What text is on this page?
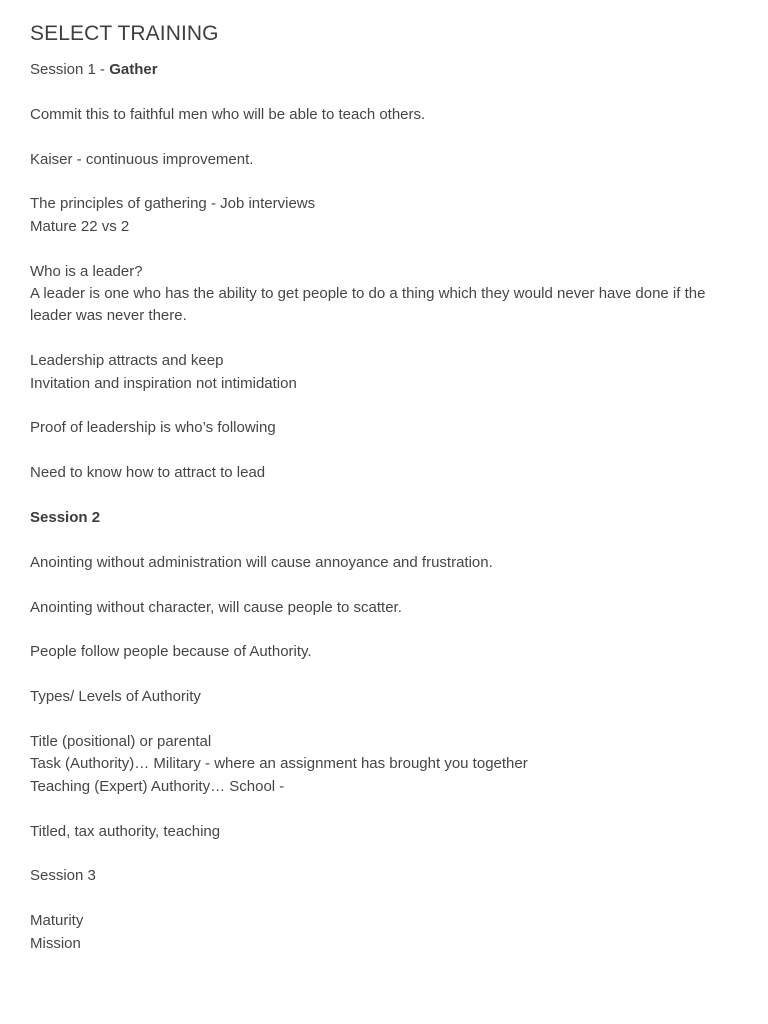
SELECT TRAINING
Session 1 - Gather
Commit this to faithful men who will be able to teach others.
Kaiser - continuous improvement.
The principles of gathering - Job interviews
Mature 22 vs 2
Who is a leader?
A leader is one who has the ability to get people to do a thing which they would never have done if the leader was never there.
Leadership attracts and keep
Invitation and inspiration not intimidation
Proof of leadership is who’s following
Need to know how to attract to lead
Session 2
Anointing without administration will cause annoyance and frustration.
Anointing without character, will cause people to scatter.
People follow people because of Authority.
Types/ Levels of Authority
Title (positional) or parental
Task (Authority)… Military - where an assignment has brought you together
Teaching (Expert) Authority… School -
Titled, tax authority, teaching
Session 3
Maturity
Mission
